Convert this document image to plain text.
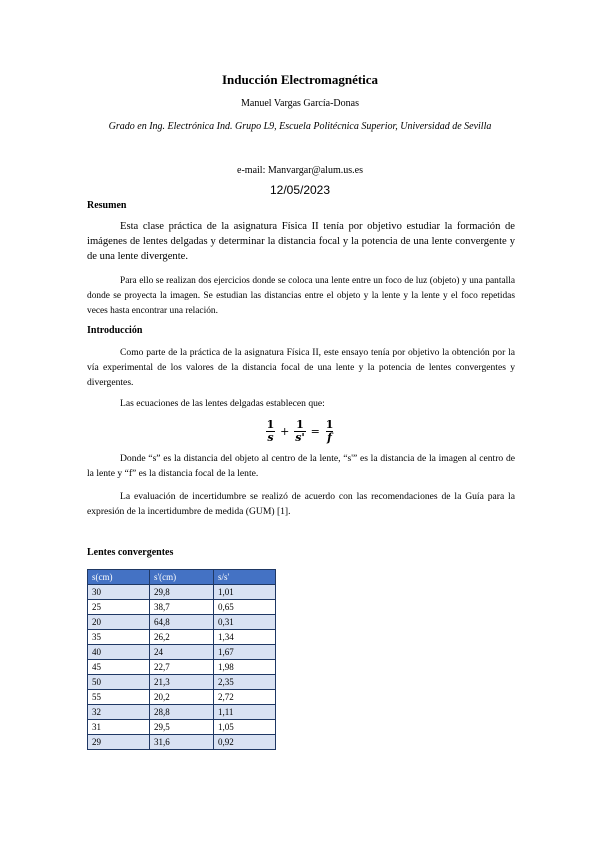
Inducción Electromagnética
Manuel Vargas García-Donas
Grado en Ing. Electrónica Ind. Grupo L9, Escuela Politécnica Superior, Universidad de Sevilla
e-mail: Manvargar@alum.us.es
12/05/2023
Resumen
Esta clase práctica de la asignatura Física II tenía por objetivo estudiar la formación de imágenes de lentes delgadas y determinar la distancia focal y la potencia de una lente convergente y de una lente divergente.
Para ello se realizan dos ejercicios donde se coloca una lente entre un foco de luz (objeto) y una pantalla donde se proyecta la imagen. Se estudian las distancias entre el objeto y la lente y la lente y el foco repetidas veces hasta encontrar una relación.
Introducción
Como parte de la práctica de la asignatura Física II, este ensayo tenía por objetivo la obtención por la vía experimental de los valores de la distancia focal de una lente y la potencia de lentes convergentes y divergentes.
Las ecuaciones de las lentes delgadas establecen que:
$\frac{1}{s} + \frac{1}{s'} = \frac{1}{f}$
Donde “s” es la distancia del objeto al centro de la lente, “s'” es la distancia de la imagen al centro de la lente y “f” es la distancia focal de la lente.
La evaluación de incertidumbre se realizó de acuerdo con las recomendaciones de la Guía para la expresión de la incertidumbre de medida (GUM) [1].
Lentes convergentes
s(cm)	s'(cm)	s/s'
30	29,8	1,01
25	38,7	0,65
20	64,8	0,31
35	26,2	1,34
40	24	1,67
45	22,7	1,98
50	21,3	2,35
55	20,2	2,72
32	28,8	1,11
31	29,5	1,05
29	31,6	0,92
